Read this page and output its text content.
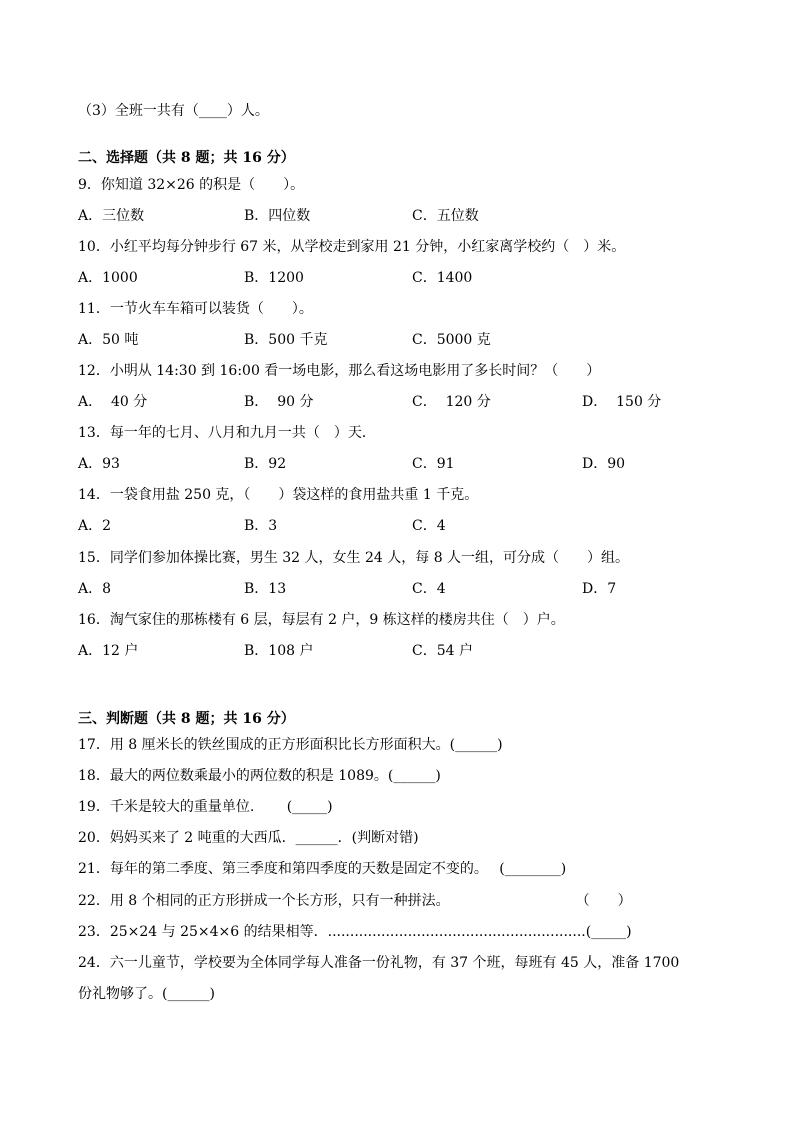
（3）全班一共有（____）人。
二、选择题（共 8 题；共 16 分）
9．你知道 32×26 的积是（　　）。
A．三位数	B．四位数	C．五位数
10．小红平均每分钟步行 67 米，从学校走到家用 21 分钟，小红家离学校约（　）米。
A．1000	B．1200	C．1400
11．一节火车车箱可以装货（　　）。
A．50 吨	B．500 千克	C．5000 克
12．小明从 14:30 到 16:00 看一场电影，那么看这场电影用了多长时间？（　　）
A．  40 分	B．  90 分	C．  120 分	D．  150 分
13．每一年的七月、八月和九月一共（　）天．
A．93	B．92	C．91	D．90
14．一袋食用盐 250 克，（　　）袋这样的食用盐共重 1 千克。
A．2	B．3	C．4
15．同学们参加体操比赛，男生 32 人，女生 24 人，每 8 人一组，可分成（　　）组。
A．8	B．13	C．4	D．7
16．淘气家住的那栋楼有 6 层，每层有 2 户，9 栋这样的楼房共住（　）户。
A．12 户	B．108 户	C．54 户
三、判断题（共 8 题；共 16 分）
17．用 8 厘米长的铁丝围成的正方形面积比长方形面积大。(______)
18．最大的两位数乘最小的两位数的积是 1089。(______)
19．千米是较大的重量单位.　　 (_____)
20．妈妈买来了 2 吨重的大西瓜．______．(判断对错)
21．每年的第二季度、第三季度和第四季度的天数是固定不变的。　 (________)
22．用 8 个相同的正方形拼成一个长方形，只有一种拼法。　　　　　　　　　　（　　）
23．25×24 与 25×4×6 的结果相等．..........................................................(_____)
24．六一儿童节，学校要为全体同学每人准备一份礼物，有 37 个班，每班有 45 人，准备 1700
份礼物够了。(______)
